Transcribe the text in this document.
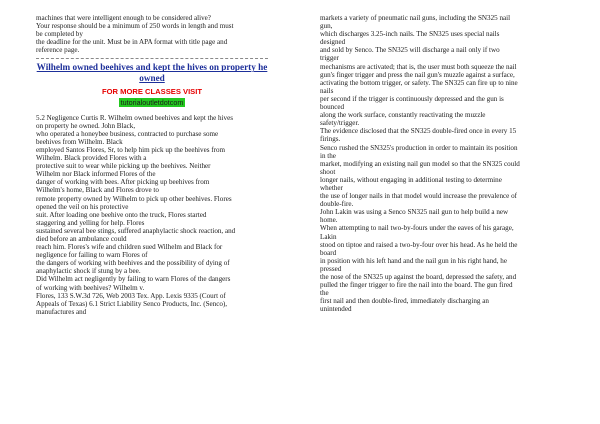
machines that were intelligent enough to be considered alive?
Your response should be a minimum of 250 words in length and must
be completed by
the deadline for the unit. Must be in APA format with title page and
reference page.
Wilhelm owned beehives and kept the hives on property he owned
FOR MORE CLASSES VISIT
tutorialoutletdotcom
5.2 Negligence Curtis R. Wilhelm owned beehives and kept the hives
on property he owned. John Black,
who operated a honeybee business, contracted to purchase some
beehives from Wilhelm. Black
employed Santos Flores, Sr, to help him pick up the beehives from
Wilhelm. Black provided Flores with a
protective suit to wear while picking up the beehives. Neither
Wilhelm nor Black informed Flores of the
danger of working with bees. After picking up beehives from
Wilhelm's home, Black and Flores drove to
remote property owned by Wilhelm to pick up other beehives. Flores
opened the veil on his protective
suit. After loading one beehive onto the truck, Flores started
staggering and yelling for help. Flores
sustained several bee stings, suffered anaphylactic shock reaction, and
died before an ambulance could
reach him. Flores's wife and children sued Wilhelm and Black for
negligence for failing to warn Flores of
the dangers of working with beehives and the possibility of dying of
anaphylactic shock if stung by a bee.
Did Wilhelm act negligently by failing to warn Flores of the dangers
of working with beehives? Wilhelm v.
Flores, 133 S.W.3d 726, Web 2003 Tex. App. Lexis 9335 (Court of
Appeals of Texas) 6.1 Strict Liability Senco Products, Inc. (Senco),
manufactures and
markets a variety of pneumatic nail guns, including the SN325 nail
gun,
which discharges 3.25-inch nails. The SN325 uses special nails
designed
and sold by Senco. The SN325 will discharge a nail only if two
trigger
mechanisms are activated; that is, the user must both squeeze the nail
gun's finger trigger and press the nail gun's muzzle against a surface,
activating the bottom trigger, or safety. The SN325 can fire up to nine
nails
per second if the trigger is continuously depressed and the gun is
bounced
along the work surface, constantly reactivating the muzzle
safety/trigger.
The evidence disclosed that the SN325 double-fired once in every 15
firings.
Senco rushed the SN325's production in order to maintain its position
in the
market, modifying an existing nail gun model so that the SN325 could
shoot
longer nails, without engaging in additional testing to determine
whether
the use of longer nails in that model would increase the prevalence of
double-fire.
John Lakin was using a Senco SN325 nail gun to help build a new
home.
When attempting to nail two-by-fours under the eaves of his garage,
Lakin
stood on tiptoe and raised a two-by-four over his head. As he held the
board
in position with his left hand and the nail gun in his right hand, he
pressed
the nose of the SN325 up against the board, depressed the safety, and
pulled the finger trigger to fire the nail into the board. The gun fired
the
first nail and then double-fired, immediately discharging an
unintended
